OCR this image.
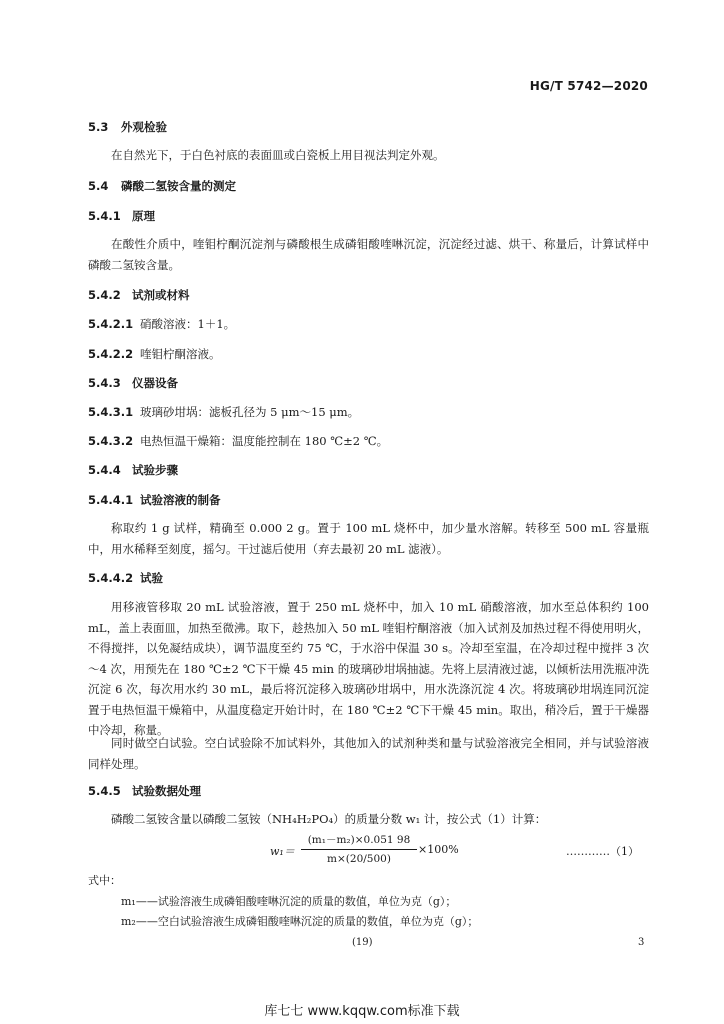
HG/T 5742—2020
5.3 外观检验
在自然光下，于白色衬底的表面皿或白瓷板上用目视法判定外观。
5.4 磷酸二氢铵含量的测定
5.4.1 原理
在酸性介质中，喹钼柠酮沉淀剂与磷酸根生成磷钼酸喹啉沉淀，沉淀经过滤、烘干、称量后，计算试样中磷酸二氢铵含量。
5.4.2 试剂或材料
5.4.2.1 硝酸溶液：1＋1。
5.4.2.2 喹钼柠酮溶液。
5.4.3 仪器设备
5.4.3.1 玻璃砂坩埚：滤板孔径为 5 μm～15 μm。
5.4.3.2 电热恒温干燥箱：温度能控制在 180 ℃±2 ℃。
5.4.4 试验步骤
5.4.4.1 试验溶液的制备
称取约 1 g 试样，精确至 0.000 2 g。置于 100 mL 烧杯中，加少量水溶解。转移至 500 mL 容量瓶中，用水稀释至刻度，摇匀。干过滤后使用（弃去最初 20 mL 滤液）。
5.4.4.2 试验
用移液管移取 20 mL 试验溶液，置于 250 mL 烧杯中，加入 10 mL 硝酸溶液，加水至总体积约 100 mL，盖上表面皿，加热至微沸。取下，趁热加入 50 mL 喹钼柠酮溶液（加入试剂及加热过程不得使用明火，不得搅拌，以免凝结成块），调节温度至约 75 ℃，于水浴中保温 30 s。冷却至室温，在冷却过程中搅拌 3 次～4 次，用预先在 180 ℃±2 ℃下干燥 45 min 的玻璃砂坩埚抽滤。先将上层清液过滤，以倾析法用洗瓶冲洗沉淀 6 次，每次用水约 30 mL，最后将沉淀移入玻璃砂坩埚中，用水洗涤沉淀 4 次。将玻璃砂坩埚连同沉淀置于电热恒温干燥箱中，从温度稳定开始计时，在 180 ℃±2 ℃下干燥 45 min。取出，稍冷后，置于干燥器中冷却，称量。
同时做空白试验。空白试验除不加试料外，其他加入的试剂种类和量与试验溶液完全相同，并与试验溶液同样处理。
5.4.5 试验数据处理
磷酸二氢铵含量以磷酸二氢铵（NH₄H₂PO₄）的质量分数 w₁ 计，按公式（1）计算：
w₁＝
(m₁－m₂)×0.051 98
m×(20/500)
×100%	…………（1）
式中：
m₁——试验溶液生成磷钼酸喹啉沉淀的质量的数值，单位为克（g）；
m₂——空白试验溶液生成磷钼酸喹啉沉淀的质量的数值，单位为克（g）；
(19)	3
库七七 www.kqqw.com标准下载
